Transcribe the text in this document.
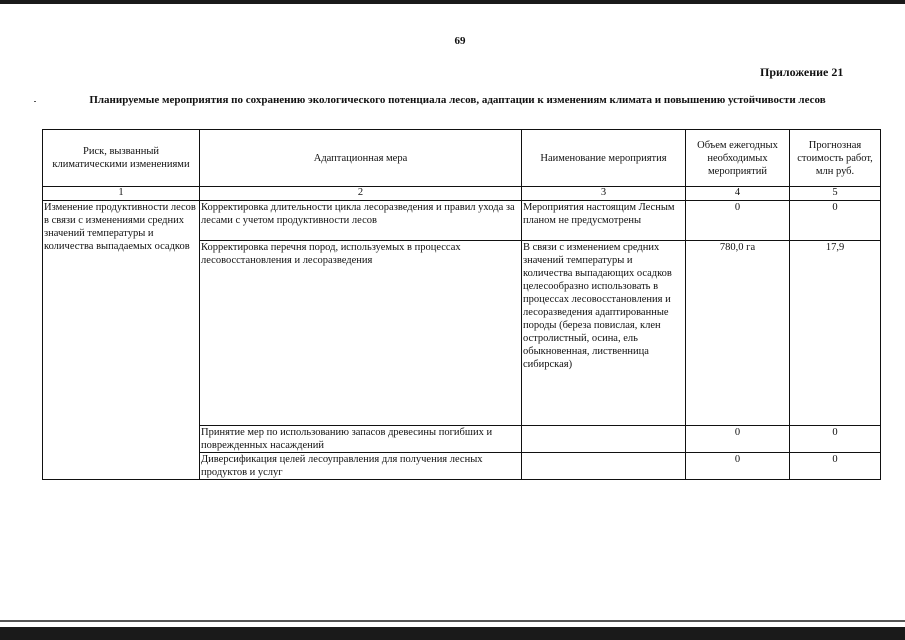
69
Приложение 21
Планируемые мероприятия по сохранению экологического потенциала лесов, адаптации к изменениям климата и повышению устойчивости лесов
Риск, вызванный климатическими изменениями	Адаптационная мера	Наименование мероприятия	Объем ежегодных необходимых мероприятий	Прогнозная стоимость работ, млн руб.
1	2	3	4	5
Изменение продуктивности лесов в связи с изменениями средних значений температуры и количества выпадаемых осадков	Корректировка длительности цикла лесоразведения и правил ухода за лесами с учетом продуктивности лесов	Мероприятия настоящим Лесным планом не предусмотрены	0	0
	Корректировка перечня пород, используемых в процессах лесовосстановления и лесоразведения	В связи с изменением средних значений температуры и количества выпадающих осадков целесообразно использовать в процессах лесовосстановления и лесоразведения адаптированные породы (береза повислая, клен остролистный, осина, ель обыкновенная, лиственница сибирская)	780,0 га	17,9
	Принятие мер по использованию запасов древесины погибших и поврежденных насаждений		0	0
	Диверсификация целей лесоуправления для получения лесных продуктов и услуг		0	0
